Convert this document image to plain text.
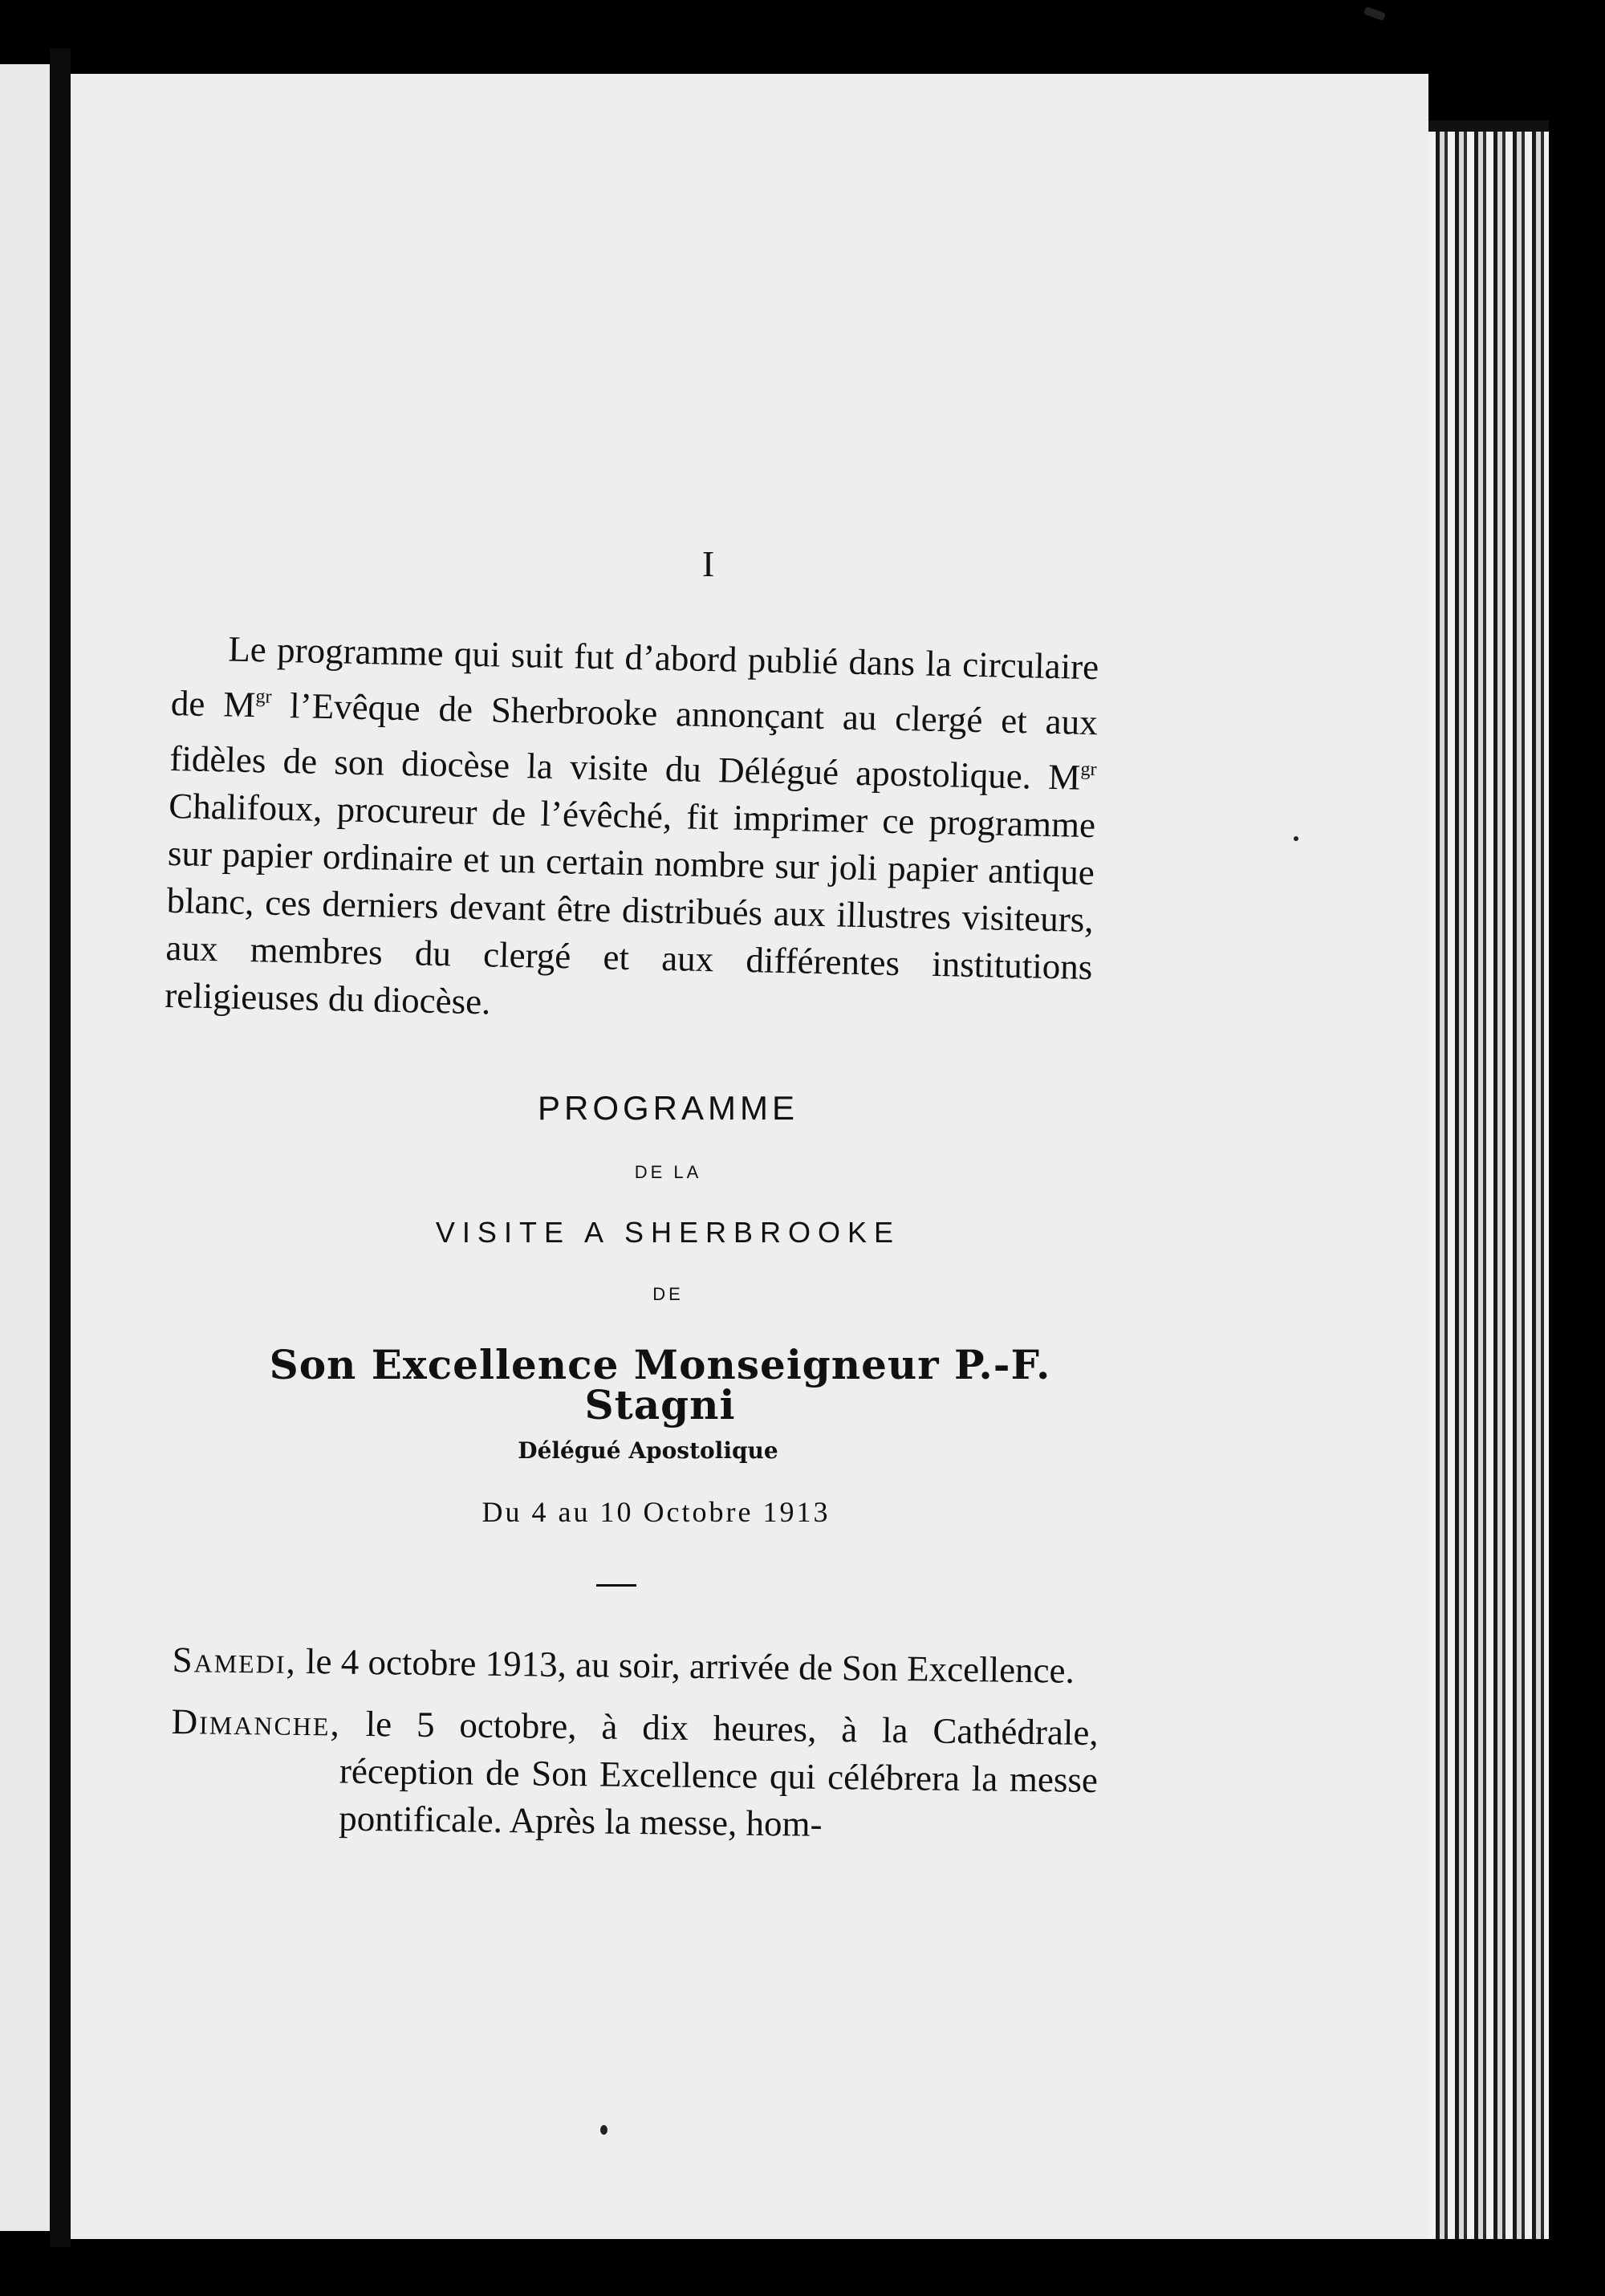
I

Le programme qui suit fut d’abord publié dans la circulaire de $M^{gr}$ l’Evêque de Sherbrooke annonçant au clergé et aux fidèles de son diocèse la visite du Délégué apostolique. $M^{gr}$ Chalifoux, procureur de l’évêché, fit imprimer ce programme sur papier ordinaire et un certain nombre sur joli papier antique blanc, ces derniers devant être distribués aux illustres visiteurs, aux membres du clergé et aux différentes institutions religieuses du diocèse.

PROGRAMME
DE LA
VISITE A SHERBROOKE
DE
Son Excellence Monseigneur P.-F. Stagni
Délégué Apostolique
Du 4 au 10 Octobre 1913

Samedi, le 4 octobre 1913, au soir, arrivée de Son Excellence.

Dimanche, le 5 octobre, à dix heures, à la Cathédrale, réception de Son Excellence qui célébrera la messe pontificale. Après la messe, hom-
